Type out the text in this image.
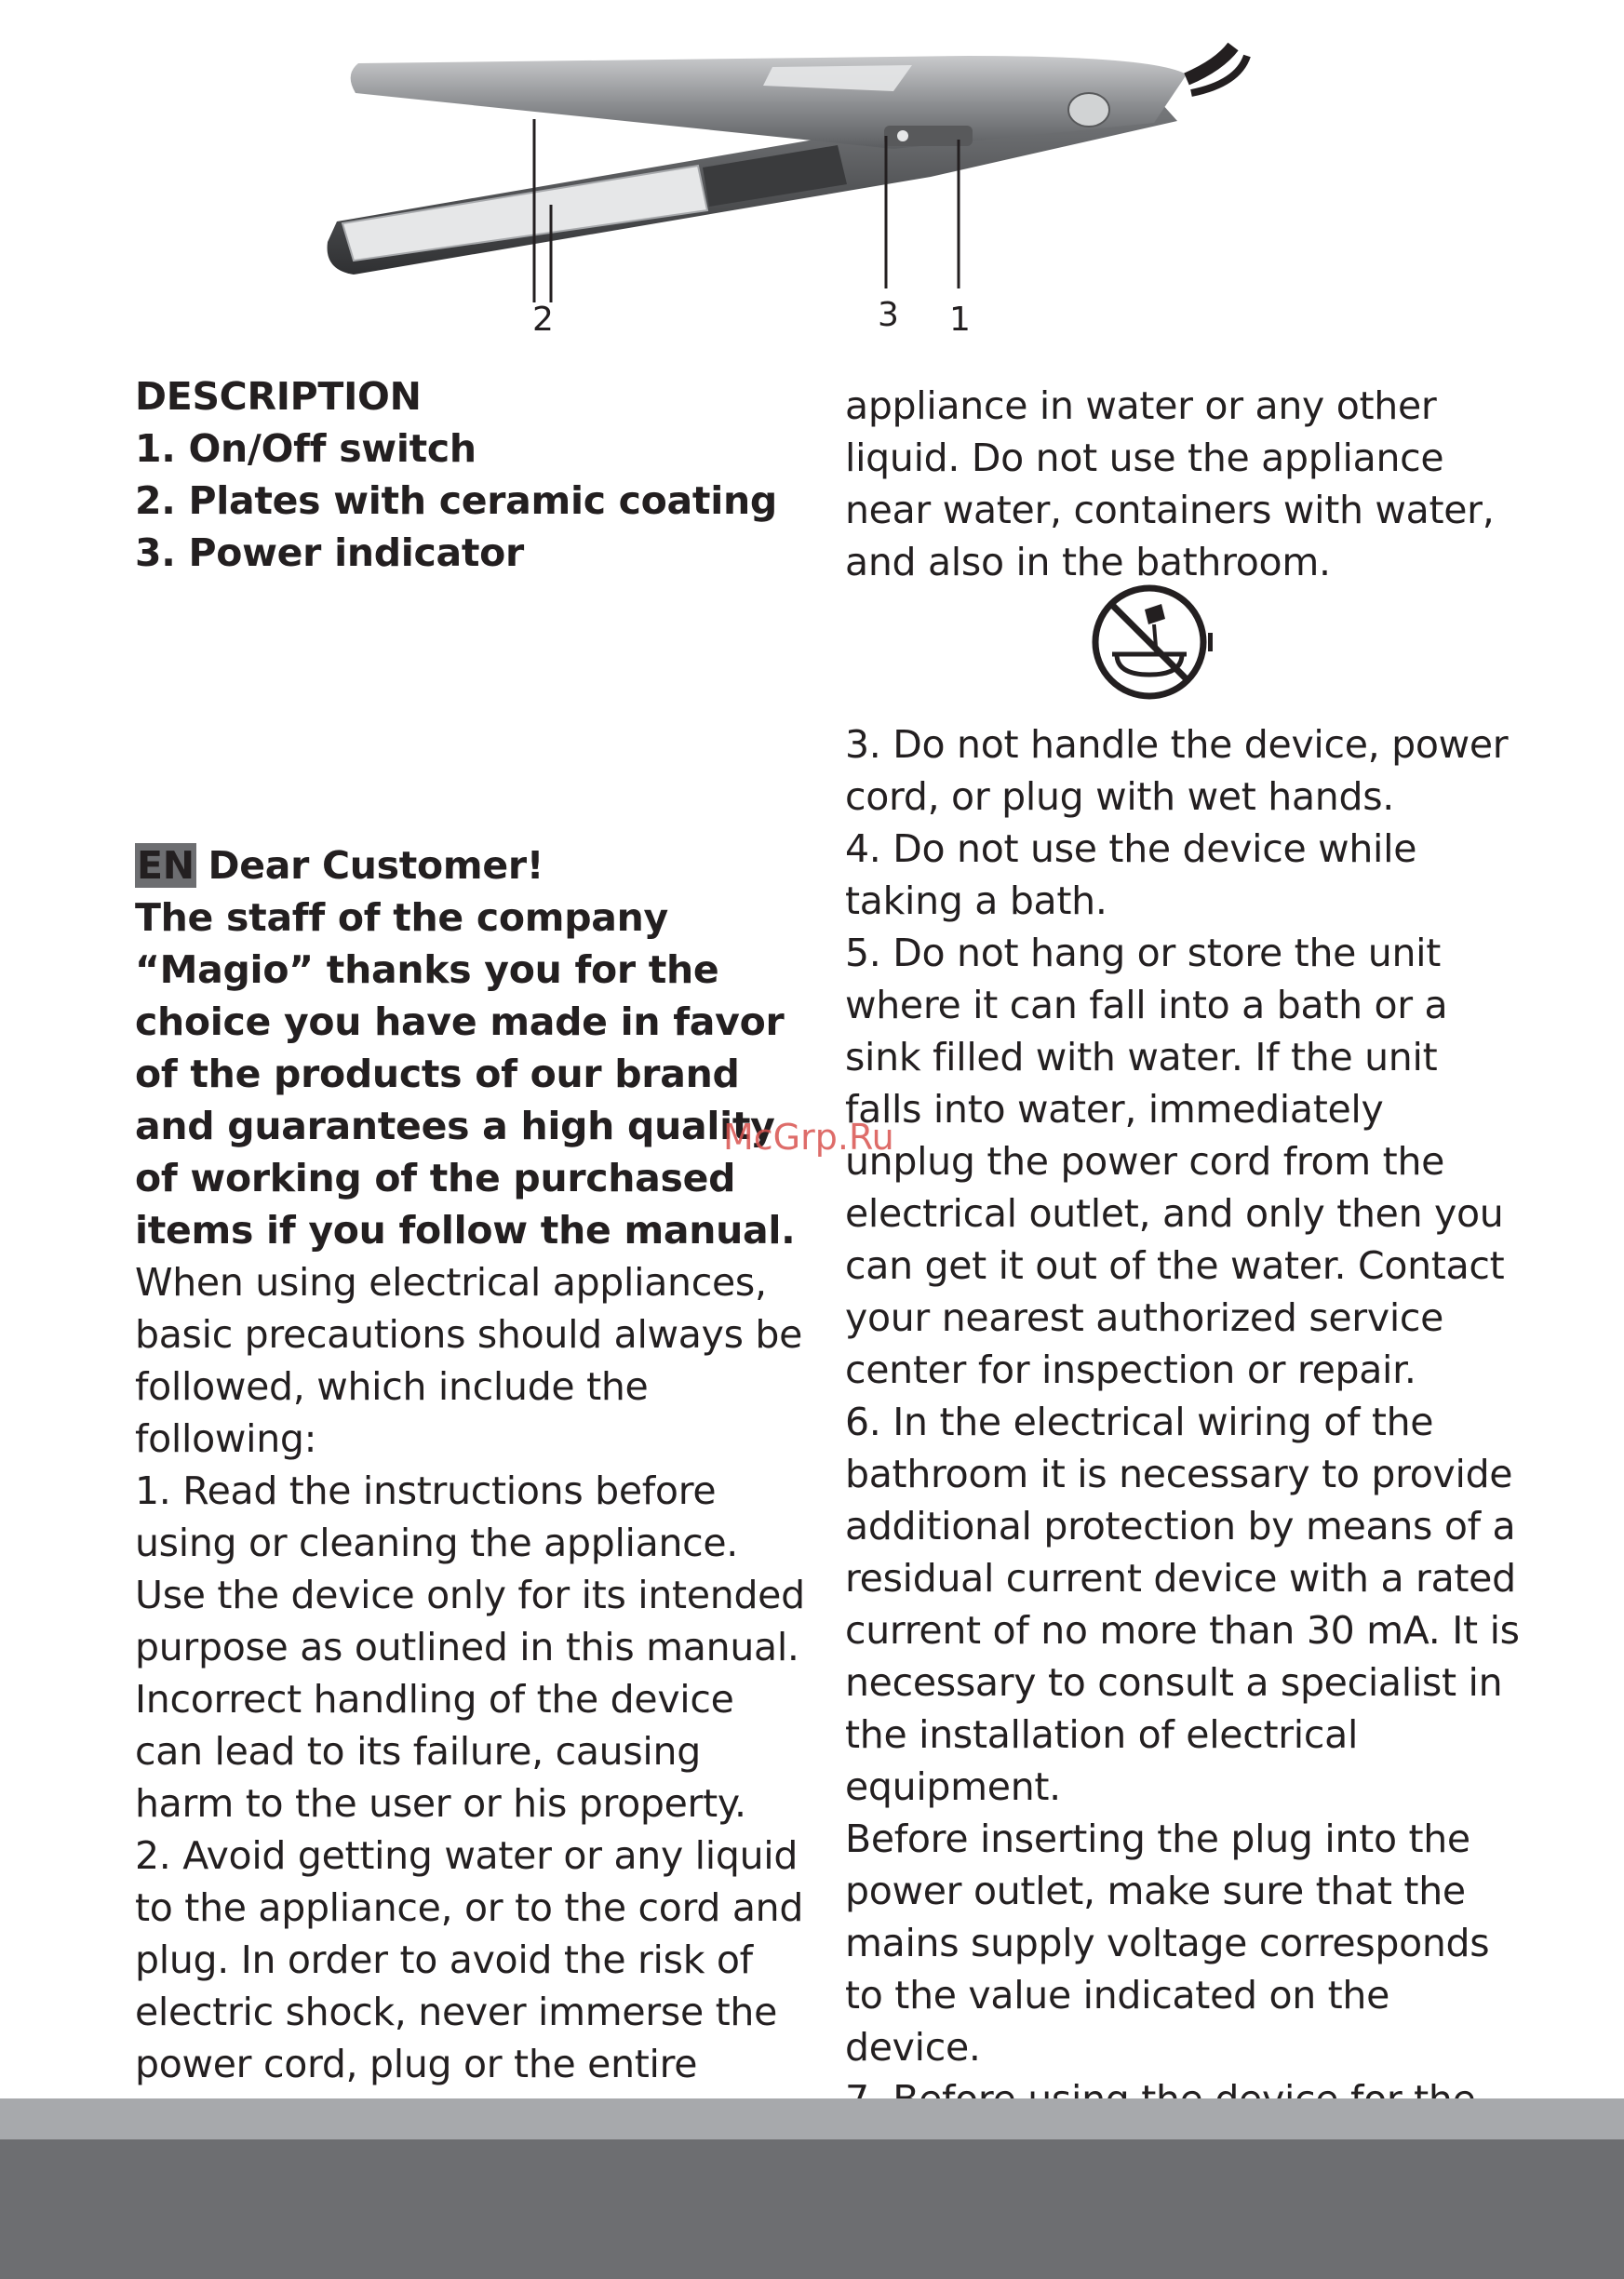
2	3 1

DESCRIPTION

1. On/Off switch

2. Plates with ceramic coating

3. Power indicator

EN Dear Customer!

The staff of the company “Magio” thanks you for the choice you have made in favor of the products of our brand and guarantees a high quality of working of the purchased items if you follow the manual.

When using electrical appliances, basic precautions should always be followed, which include the following:

1. Read the instructions before using or cleaning the appliance. Use the device only for its intended purpose as outlined in this manual. Incorrect handling of the device can lead to its failure, causing harm to the user or his property.

2. Avoid getting water or any liquid to the appliance, or to the cord and plug. In order to avoid the risk of electric shock, never immerse the power cord, plug or the entire

appliance in water or any other liquid. Do not use the appliance near water, containers with water, and also in the bathroom.

3. Do not handle the device, power cord, or plug with wet hands.

4. Do not use the device while taking a bath.

5. Do not hang or store the unit where it can fall into a bath or a sink filled with water. If the unit falls into water, immediately unplug the power cord from the electrical outlet, and only then you can get it out of the water. Contact your nearest authorized service center for inspection or repair.

6. In the electrical wiring of the bathroom it is necessary to provide additional protection by means of a residual current device with a rated current of no more than 30 mA. It is necessary to consult a specialist in the installation of electrical equipment.

Before inserting the plug into the power outlet, make sure that the mains supply voltage corresponds to the value indicated on the device.

McGrp.Ru
